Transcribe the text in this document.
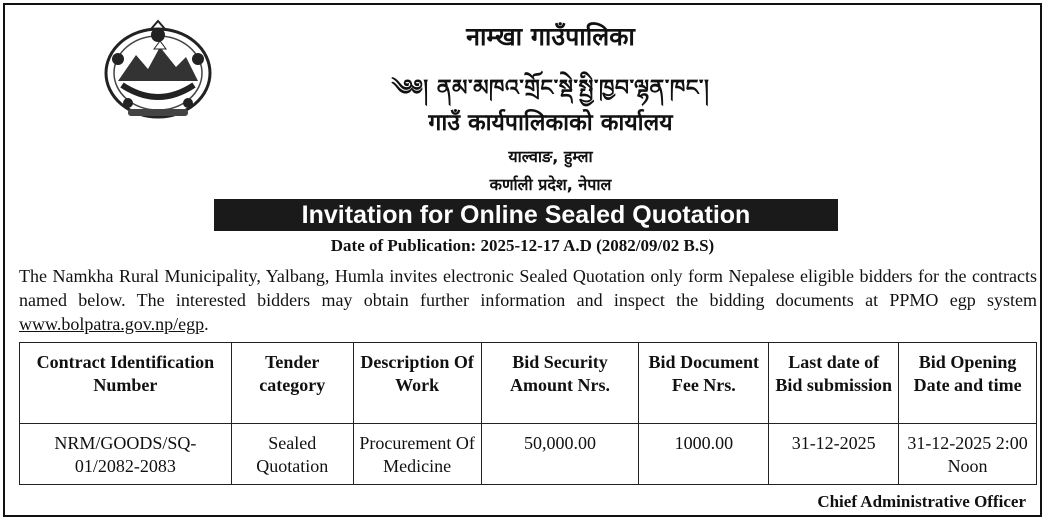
नाम्खा गाउँपालिका
༄༅། ནམ་མཁའ་གྲོང་སྡེ་སྤྱི་ཁྱབ་ལྷན་ཁང་།
गाउँ कार्यपालिकाको कार्यालय
याल्वाङ, हुम्ला
कर्णाली प्रदेश, नेपाल
Invitation for Online Sealed Quotation
Date of Publication: 2025-12-17 A.D (2082/09/02 B.S)
The Namkha Rural Municipality, Yalbang, Humla invites electronic Sealed Quotation only form Nepalese eligible bidders for the contracts named below. The interested bidders may obtain further information and inspect the bidding documents at PPMO egp system www.bolpatra.gov.np/egp.
Contract Identification Number	Tender category	Description Of Work	Bid Security Amount Nrs.	Bid Document Fee Nrs.	Last date of Bid submission	Bid Opening Date and time
NRM/GOODS/SQ-01/2082-2083	Sealed Quotation	Procurement Of Medicine	50,000.00	1000.00	31-12-2025	31-12-2025 2:00 Noon
Chief Administrative Officer
